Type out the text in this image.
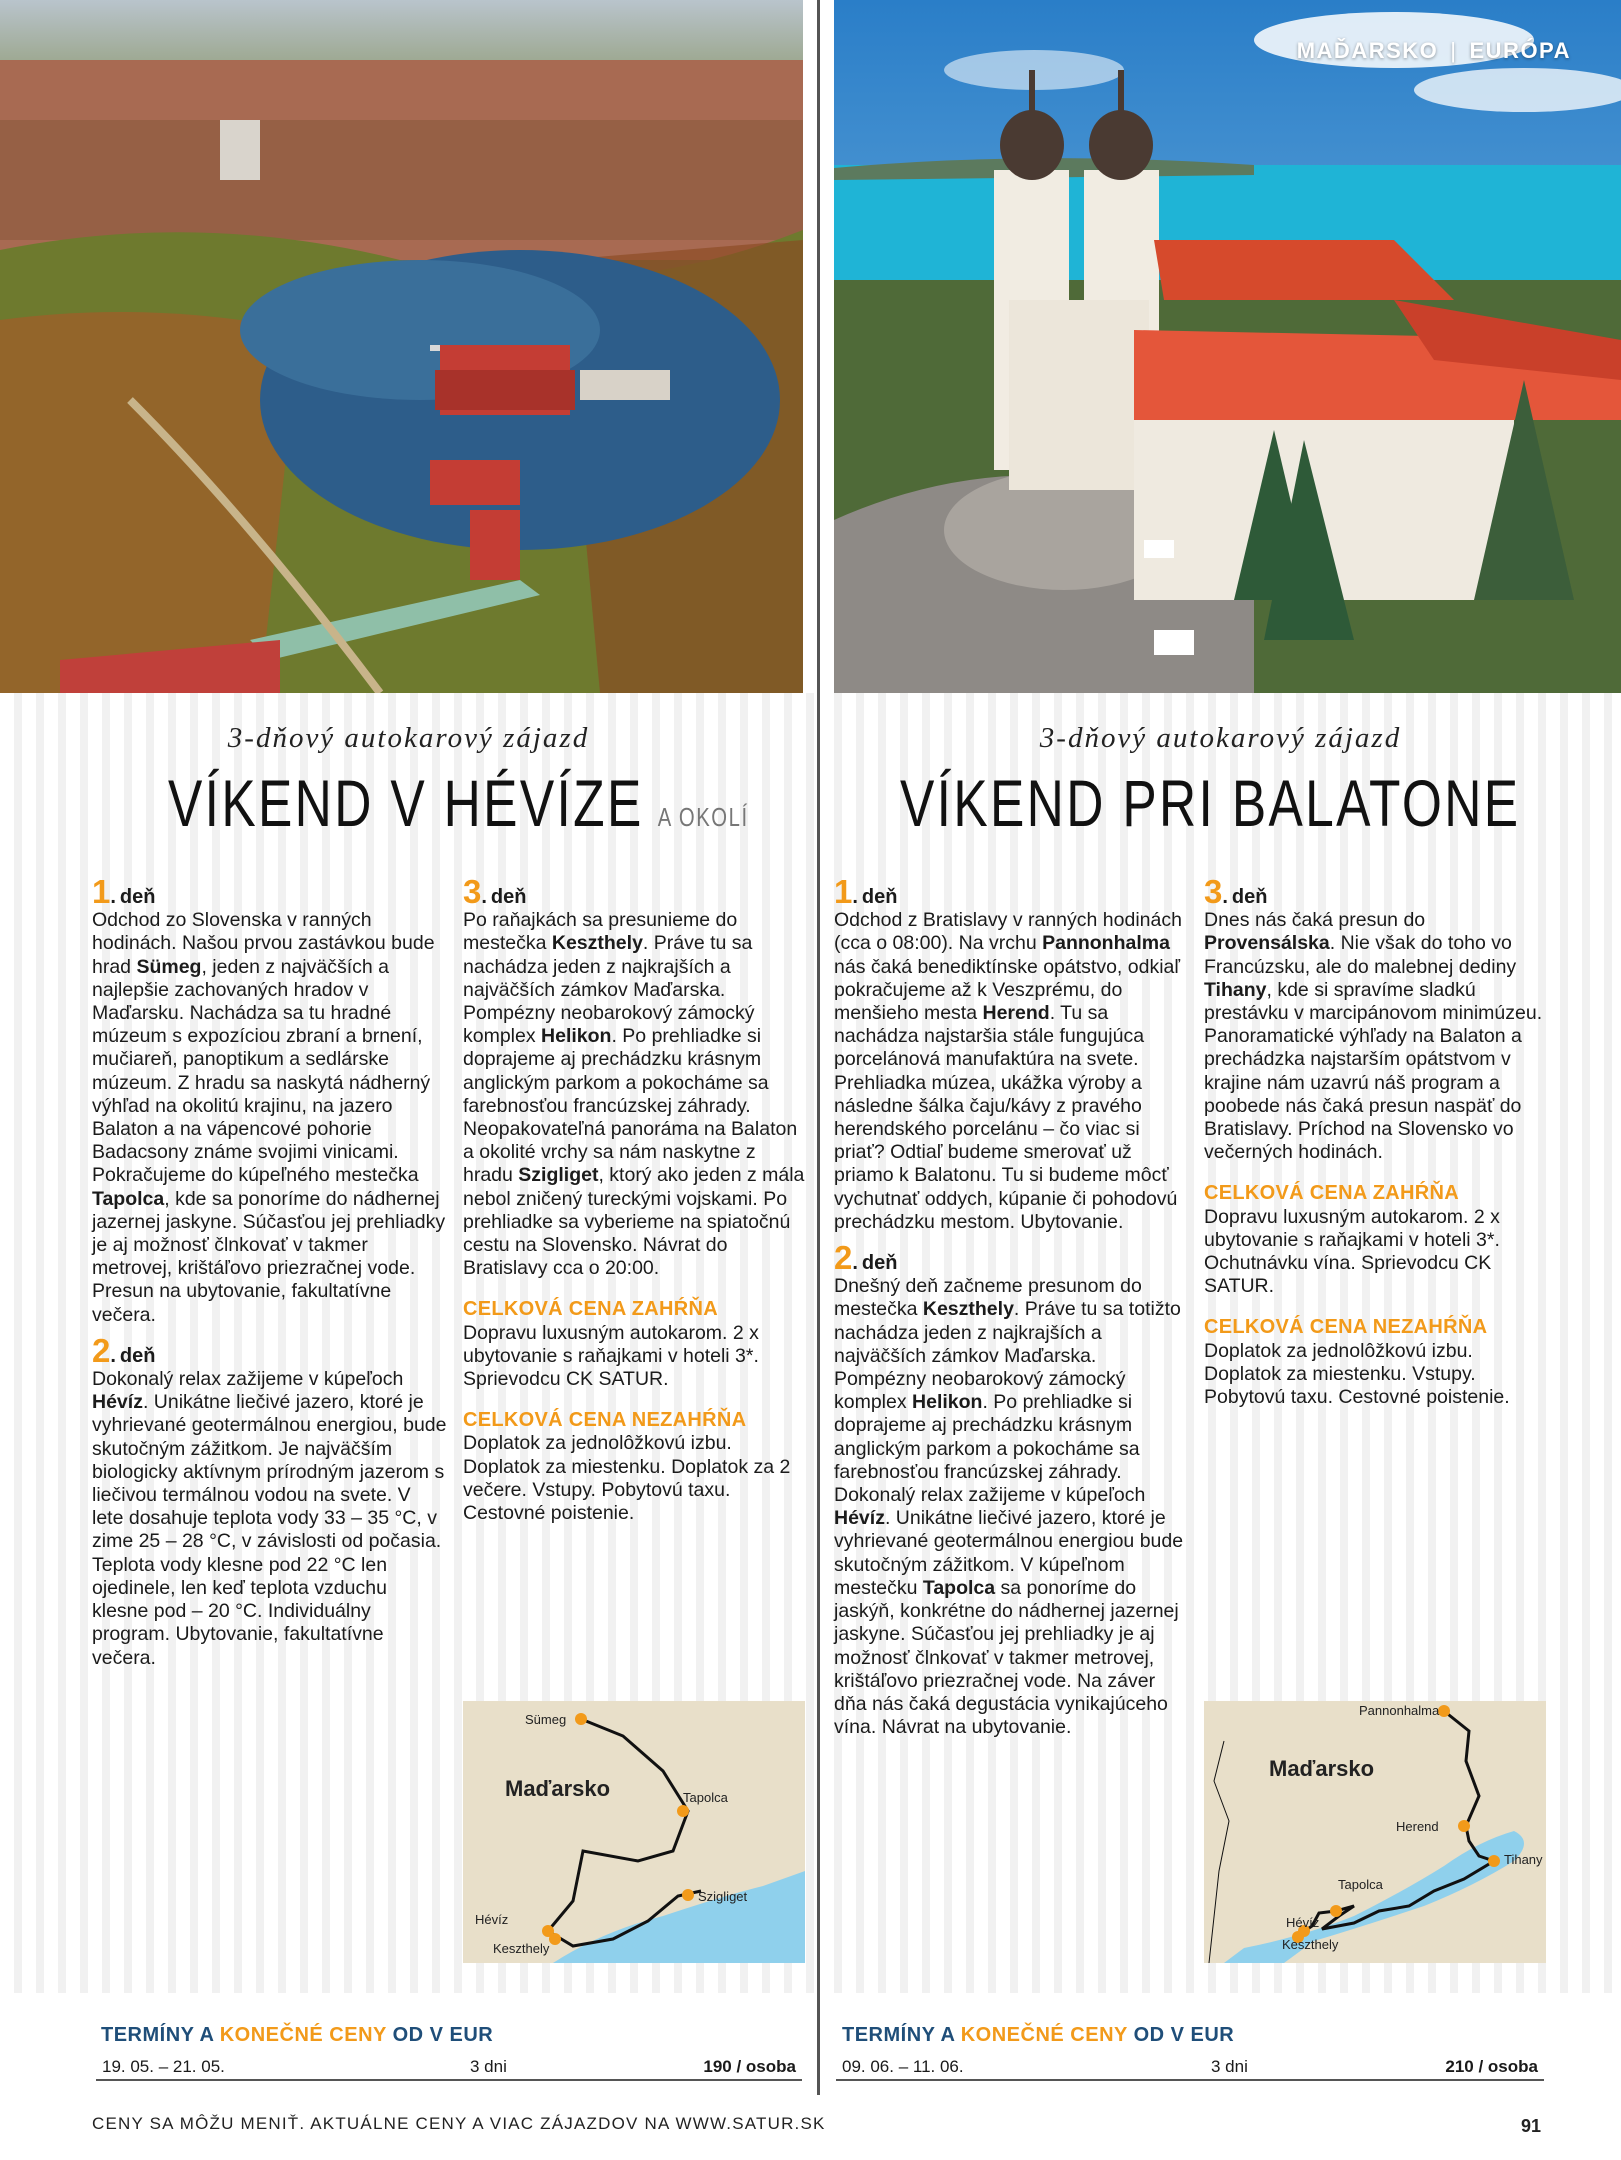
MAĎARSKO | EURÓPA
3-dňový autokarový zájazd
VÍKEND V HÉVÍZE A OKOLÍ
3-dňový autokarový zájazd
VÍKEND PRI BALATONE
1 . deň

Odchod zo Slovenska v ranných hodinách. Našou prvou zastávkou bude hrad Sümeg, jeden z najväčších a najlepšie zachovaných hradov v Maďarsku. Nachádza sa tu hradné múzeum s expozíciou zbraní a brnení, mučiareň, panoptikum a sedlárske múzeum. Z hradu sa naskytá nádherný výhľad na okolitú krajinu, na jazero Balaton a na vápencové pohorie Badacsony známe svojimi vinicami. Pokračujeme do kúpeľného mestečka Tapolca, kde sa ponoríme do nádhernej jazernej jaskyne. Súčasťou jej prehliadky je aj možnosť člnkovať v takmer metrovej, krištáľovo priezračnej vode. Presun na ubytovanie, fakultatívne večera.

2 . deň

Dokonalý relax zažijeme v kúpeľoch Hévíz. Unikátne liečivé jazero, ktoré je vyhrievané geotermálnou energiou, bude skutočným zážitkom. Je najväčším biologicky aktívnym prírodným jazerom s liečivou termálnou vodou na svete. V lete dosahuje teplota vody 33 – 35 °C, v zime 25 – 28 °C, v závislosti od počasia. Teplota vody klesne pod 22 °C len ojedinele, len keď teplota vzduchu klesne pod – 20 °C. Individuálny program. Ubytovanie, fakultatívne večera.

3 . deň

Po raňajkách sa presunieme do mestečka Keszthely. Práve tu sa nachádza jeden z najkrajších a najväčších zámkov Maďarska. Pompézny neobarokový zámocký komplex Helikon. Po prehliadke si doprajeme aj prechádzku krásnym anglickým parkom a pokocháme sa farebnosťou francúzskej záhrady. Neopakovateľná panoráma na Balaton a okolité vrchy sa nám naskytne z hradu Szigliget, ktorý ako jeden z mála nebol zničený tureckými vojskami. Po prehliadke sa vyberieme na spiatočnú cestu na Slovensko. Návrat do Bratislavy cca o 20:00.

CELKOVÁ CENA ZAHŔŇA

Dopravu luxusným autokarom. 2 x ubytovanie s raňajkami v hoteli 3*. Sprievodcu CK SATUR.

CELKOVÁ CENA NEZAHŔŇA

Doplatok za jednolôžkovú izbu. Doplatok za miestenku. Doplatok za 2 večere. Vstupy. Pobytovú taxu. Cestovné poistenie.

1 . deň

Odchod z Bratislavy v ranných hodinách (cca o 08:00). Na vrchu Pannonhalma nás čaká benediktínske opátstvo, odkiaľ pokračujeme až k Veszprému, do menšieho mesta Herend. Tu sa nachádza najstaršia stále fungujúca porcelánová manufaktúra na svete. Prehliadka múzea, ukážka výroby a následne šálka čaju/kávy z pravého herendského porcelánu – čo viac si priať? Odtiaľ budeme smerovať už priamo k Balatonu. Tu si budeme môcť vychutnať oddych, kúpanie či pohodovú prechádzku mestom. Ubytovanie.

2 . deň

Dnešný deň začneme presunom do mestečka Keszthely. Práve tu sa totižto nachádza jeden z najkrajších a najväčších zámkov Maďarska. Pompézny neobarokový zámocký komplex Helikon. Po prehliadke si doprajeme aj prechádzku krásnym anglickým parkom a pokocháme sa farebnosťou francúzskej záhrady. Dokonalý relax zažijeme v kúpeľoch Hévíz. Unikátne liečivé jazero, ktoré je vyhrievané geotermálnou energiou bude skutočným zážitkom. V kúpeľnom mestečku Tapolca sa ponoríme do jaskýň, konkrétne do nádhernej jazernej jaskyne. Súčasťou jej prehliadky je aj možnosť člnkovať v takmer metrovej, krištáľovo priezračnej vode. Na záver dňa nás čaká degustácia vynikajúceho vína. Návrat na ubytovanie.

3 . deň

Dnes nás čaká presun do Provensálska. Nie však do toho vo Francúzsku, ale do malebnej dediny Tihany, kde si spravíme sladkú prestávku v marcipánovom minimúzeu. Panoramatické výhľady na Balaton a prechádzka najstarším opátstvom v krajine nám uzavrú náš program a poobede nás čaká presun naspäť do Bratislavy. Príchod na Slovensko vo večerných hodinách.

CELKOVÁ CENA ZAHŔŇA

Dopravu luxusným autokarom. 2 x ubytovanie s raňajkami v hoteli 3*. Ochutnávku vína. Sprievodcu CK SATUR.

CELKOVÁ CENA NEZAHŔŇA

Doplatok za jednolôžkovú izbu. Doplatok za miestenku. Vstupy. Pobytovú taxu. Cestovné poistenie.

Maďarsko
Sümeg
Tapolca
Hévíz
Keszthely
Szigliget
Maďarsko
Pannonhalma
Herend
Tapolca
Tihany
Hévíz
Keszthely
TERMÍNY A KONEČNÉ CENY OD V EUR
19. 05. – 21. 05.	3 dni	190 / osoba
TERMÍNY A KONEČNÉ CENY OD V EUR
09. 06. – 11. 06.	3 dni	210 / osoba
CENY SA MÔŽU MENIŤ. AKTUÁLNE CENY A VIAC ZÁJAZDOV NA WWW.SATUR.SK	91
